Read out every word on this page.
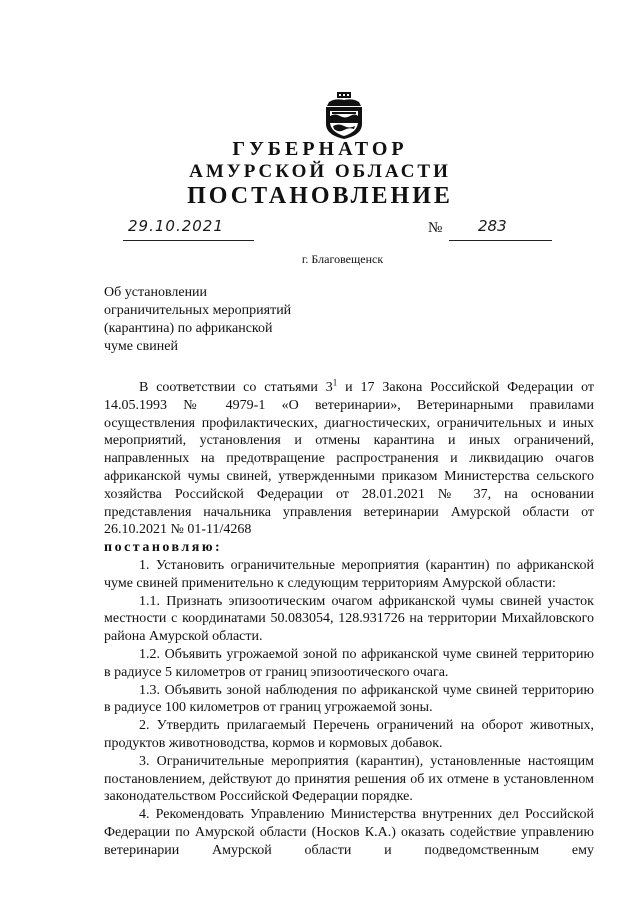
ГУБЕРНАТОР
АМУРСКОЙ ОБЛАСТИ
ПОСТАНОВЛЕНИЕ
29.10.2021	№ 283
г. Благовещенск
Об установлении
ограничительных мероприятий
(карантина) по африканской
чуме свиней

В соответствии со статьями $3^1$ и 17 Закона Российской Федерации от 14.05.1993 № 4979-1 «О ветеринарии», Ветеринарными правилами осуществления профилактических, диагностических, ограничительных и иных мероприятий, установления и отмены карантина и иных ограничений, направленных на предотвращение распространения и ликвидацию очагов африканской чумы свиней, утвержденными приказом Министерства сельского хозяйства Российской Федерации от 28.01.2021 № 37, на основании представления начальника управления ветеринарии Амурской области от 26.10.2021 № 01-11/4268

постановляю:

1. Установить ограничительные мероприятия (карантин) по африканской чуме свиней применительно к следующим территориям Амурской области:

1.1. Признать эпизоотическим очагом африканской чумы свиней участок местности с координатами 50.083054, 128.931726 на территории Михайловского района Амурской области.

1.2. Объявить угрожаемой зоной по африканской чуме свиней территорию в радиусе 5 километров от границ эпизоотического очага.

1.3. Объявить зоной наблюдения по африканской чуме свиней территорию в радиусе 100 километров от границ угрожаемой зоны.

2. Утвердить прилагаемый Перечень ограничений на оборот животных, продуктов животноводства, кормов и кормовых добавок.

3. Ограничительные мероприятия (карантин), установленные настоящим постановлением, действуют до принятия решения об их отмене в установленном законодательством Российской Федерации порядке.

4. Рекомендовать Управлению Министерства внутренних дел Российской Федерации по Амурской области (Носков К.А.) оказать содействие управлению ветеринарии Амурской области и подведомственным ему
